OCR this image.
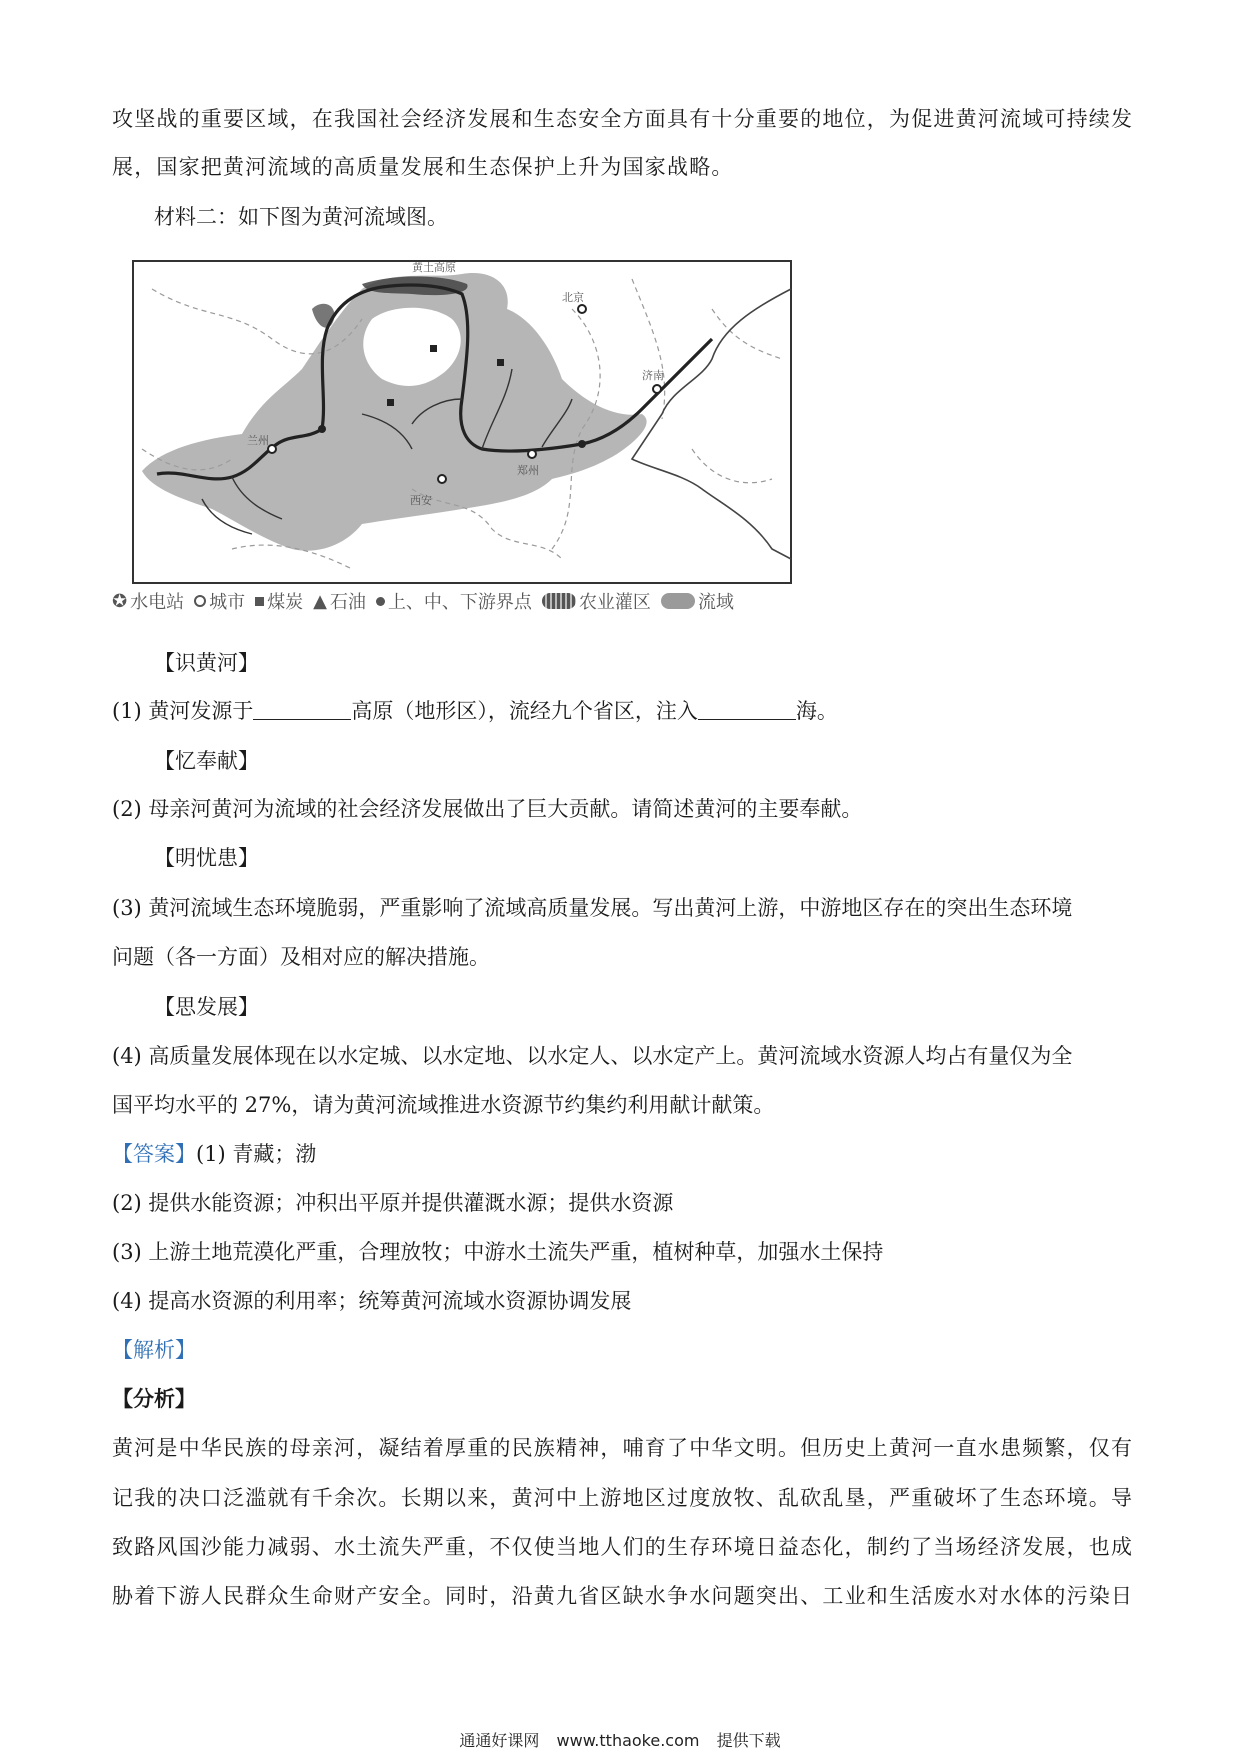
攻坚战的重要区域，在我国社会经济发展和生态安全方面具有十分重要的地位，为促进黄河流域可持续发
展，国家把黄河流域的高质量发展和生态保护上升为国家战略。
材料二：如下图为黄河流域图。
西安
郑州
济南
兰州
北京
黄土高原
✪ 水电站 城市 煤炭 ▲ 石油 上、中、下游界点	农业灌区	流域
【识黄河】
(1) 黄河发源于	高原（地形区），流经九个省区，注入	海。
【忆奉献】
(2) 母亲河黄河为流域的社会经济发展做出了巨大贡献。请简述黄河的主要奉献。
【明忧患】
(3) 黄河流域生态环境脆弱，严重影响了流域高质量发展。写出黄河上游，中游地区存在的突出生态环境
问题（各一方面）及相对应的解决措施。
【思发展】
(4) 高质量发展体现在以水定城、以水定地、以水定人、以水定产上。黄河流域水资源人均占有量仅为全
国平均水平的 27%，请为黄河流域推进水资源节约集约利用献计献策。
【答案】(1) 青藏；渤
(2) 提供水能资源；冲积出平原并提供灌溉水源；提供水资源
(3) 上游土地荒漠化严重，合理放牧；中游水土流失严重，植树种草，加强水土保持
(4) 提高水资源的利用率；统筹黄河流域水资源协调发展
【解析】
【分析】
黄河是中华民族的母亲河，凝结着厚重的民族精神，哺育了中华文明。但历史上黄河一直水患频繁，仅有
记我的决口泛滥就有千余次。长期以来，黄河中上游地区过度放牧、乱砍乱垦，严重破坏了生态环境。导
致路风国沙能力减弱、水土流失严重，不仅使当地人们的生存环境日益态化，制约了当场经济发展，也成
胁着下游人民群众生命财产安全。同时，沿黄九省区缺水争水问题突出、工业和生活废水对水体的污染日
通通好课网 www.tthaoke.com 提供下载
